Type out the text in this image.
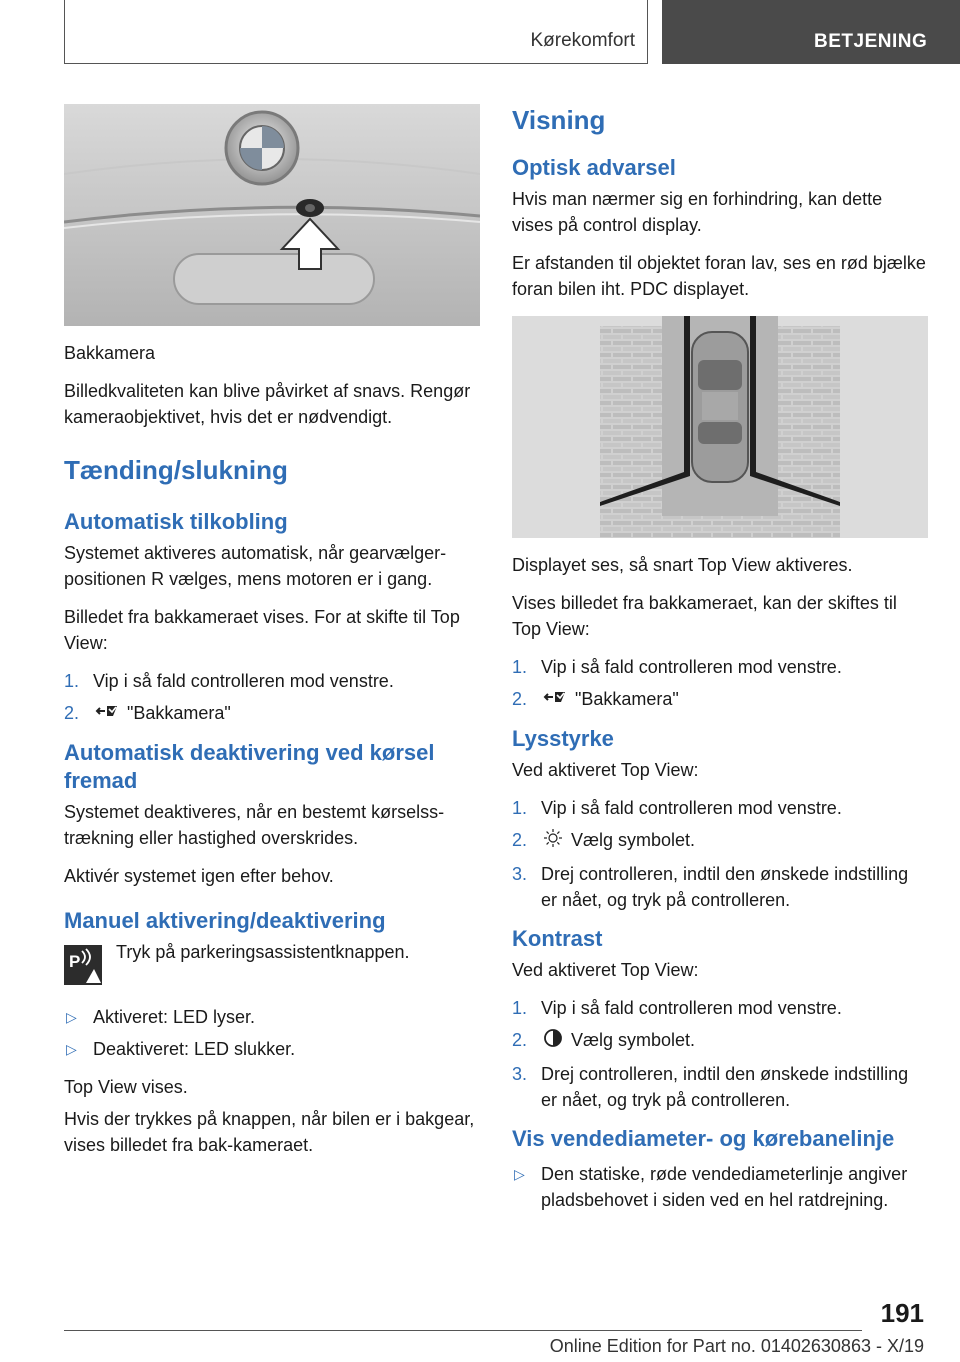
Kørekomfort	BETJENING

Bakkamera

Billedkvaliteten kan blive påvirket af snavs. Rengør kameraobjektivet, hvis det er nødvendigt.

Tænding/slukning
Automatisk tilkobling

Systemet aktiveres automatisk, når gearvælgerpositionen R vælges, mens motoren er i gang.

Billedet fra bakkameraet vises. For at skifte til Top View:

1. Vip i så fald controlleren mod venstre.
2.	"Bakkamera"
Automatisk deaktivering ved kørsel fremad

Systemet deaktiveres, når en bestemt kørselsstrækning eller hastighed overskrides.

Aktivér systemet igen efter behov.

Manuel aktivering/deaktivering
P Tryk på parkeringsassistentknappen.

▷ Aktiveret: LED lyser.
▷ Deaktiveret: LED slukker.

Top View vises.

Hvis der trykkes på knappen, når bilen er i bakgear, vises billedet fra bak-kameraet.

Visning
Optisk advarsel

Hvis man nærmer sig en forhindring, kan dette vises på control display.

Er afstanden til objektet foran lav, ses en rød bjælke foran bilen iht. PDC displayet.

Displayet ses, så snart Top View aktiveres.

Vises billedet fra bakkameraet, kan der skiftes til Top View:

1. Vip i så fald controlleren mod venstre.
2.	"Bakkamera"
Lysstyrke

Ved aktiveret Top View:

1. Vip i så fald controlleren mod venstre.
2. Vælg symbolet.
3. Drej controlleren, indtil den ønskede indstilling er nået, og tryk på controlleren.
Kontrast

Ved aktiveret Top View:

1. Vip i så fald controlleren mod venstre.
2. Vælg symbolet.
3. Drej controlleren, indtil den ønskede indstilling er nået, og tryk på controlleren.
Vis vendediameter- og kørebanelinje
▷ Den statiske, røde vendediameterlinje angiver pladsbehovet i siden ved en hel ratdrejning.
191
Online Edition for Part no. 01402630863 - X/19
